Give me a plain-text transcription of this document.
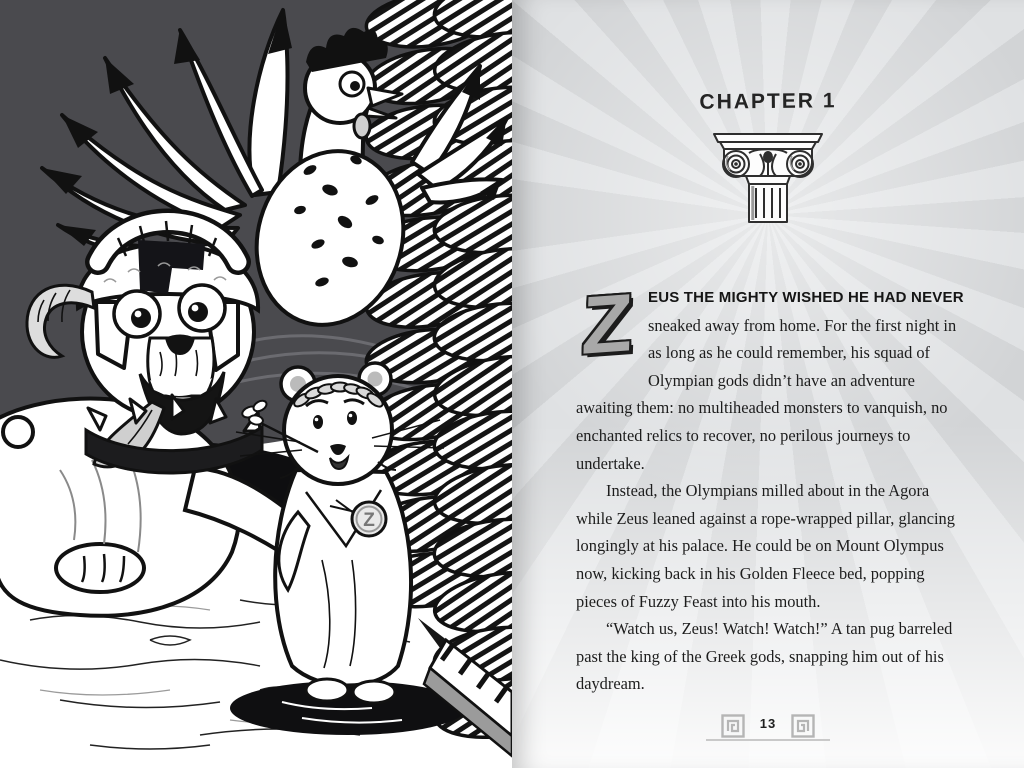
Z
CHAPTER 1

ZEUS THE MIGHTY WISHED HE HAD NEVER sneaked away from home. For the first night in as long as he could remember, his squad of Olympian gods didn’t have an adventure awaiting them: no multiheaded monsters to vanquish, no enchanted relics to recover, no perilous journeys to undertake.

Instead, the Olympians milled about in the Agora while Zeus leaned against a rope-wrapped pillar, glancing longingly at his palace. He could be on Mount Olympus now, kicking back in his Golden Fleece bed, popping pieces of Fuzzy Feast into his mouth.

“Watch us, Zeus! Watch! Watch!” A tan pug barreled past the king of the Greek gods, snapping him out of his daydream.

13
